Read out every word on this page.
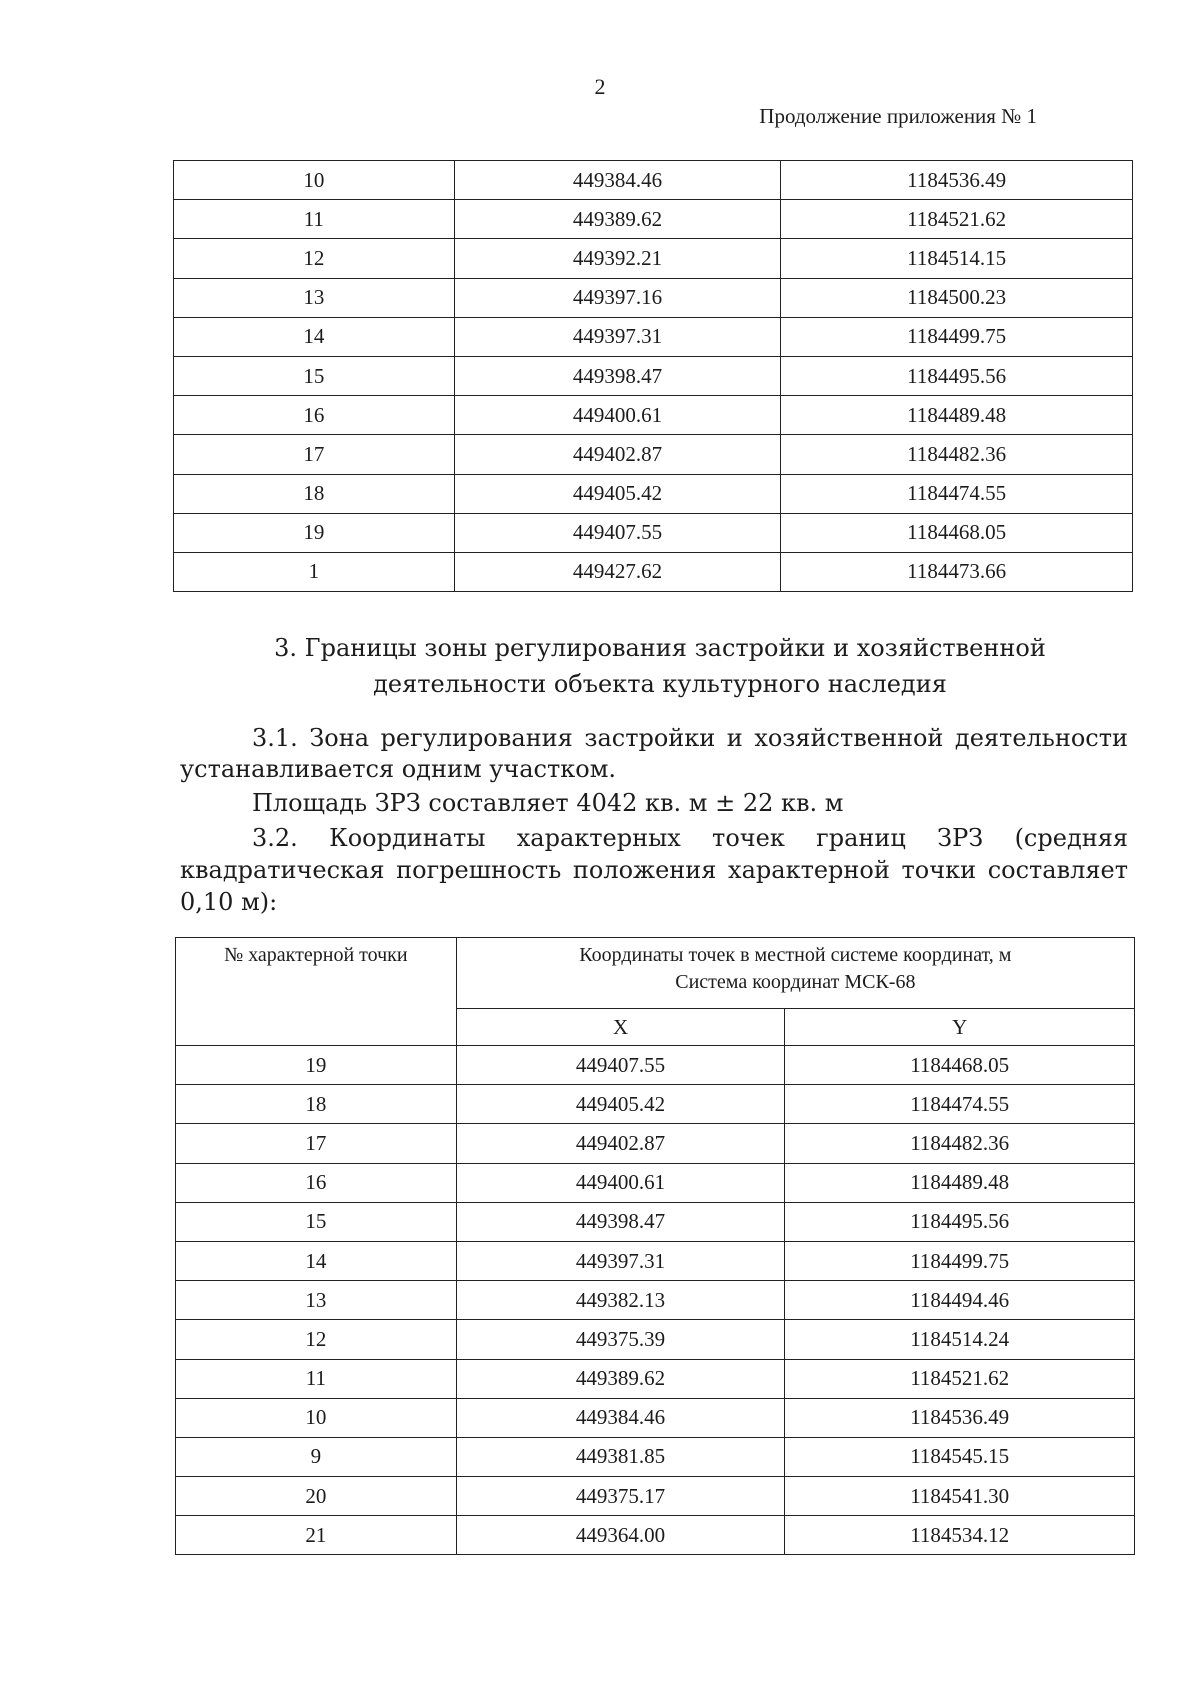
2
Продолжение приложения № 1
10	449384.46	1184536.49
11	449389.62	1184521.62
12	449392.21	1184514.15
13	449397.16	1184500.23
14	449397.31	1184499.75
15	449398.47	1184495.56
16	449400.61	1184489.48
17	449402.87	1184482.36
18	449405.42	1184474.55
19	449407.55	1184468.05
1	449427.62	1184473.66
3. Границы зоны регулирования застройки и хозяйственной
деятельности объекта культурного наследия
3.1. Зона регулирования застройки и хозяйственной деятельности
устанавливается одним участком.
Площадь ЗРЗ составляет 4042 кв. м ± 22 кв. м
3.2. Координаты характерных точек границ ЗРЗ (средняя
квадратическая погрешность положения характерной точки составляет
0,10 м):
№ характерной точки	Координаты точек в местной системе координат, м
Система координат МСК-68	

	X	Y
19	449407.55	1184468.05
18	449405.42	1184474.55
17	449402.87	1184482.36
16	449400.61	1184489.48
15	449398.47	1184495.56
14	449397.31	1184499.75
13	449382.13	1184494.46
12	449375.39	1184514.24
11	449389.62	1184521.62
10	449384.46	1184536.49
9	449381.85	1184545.15
20	449375.17	1184541.30
21	449364.00	1184534.12
